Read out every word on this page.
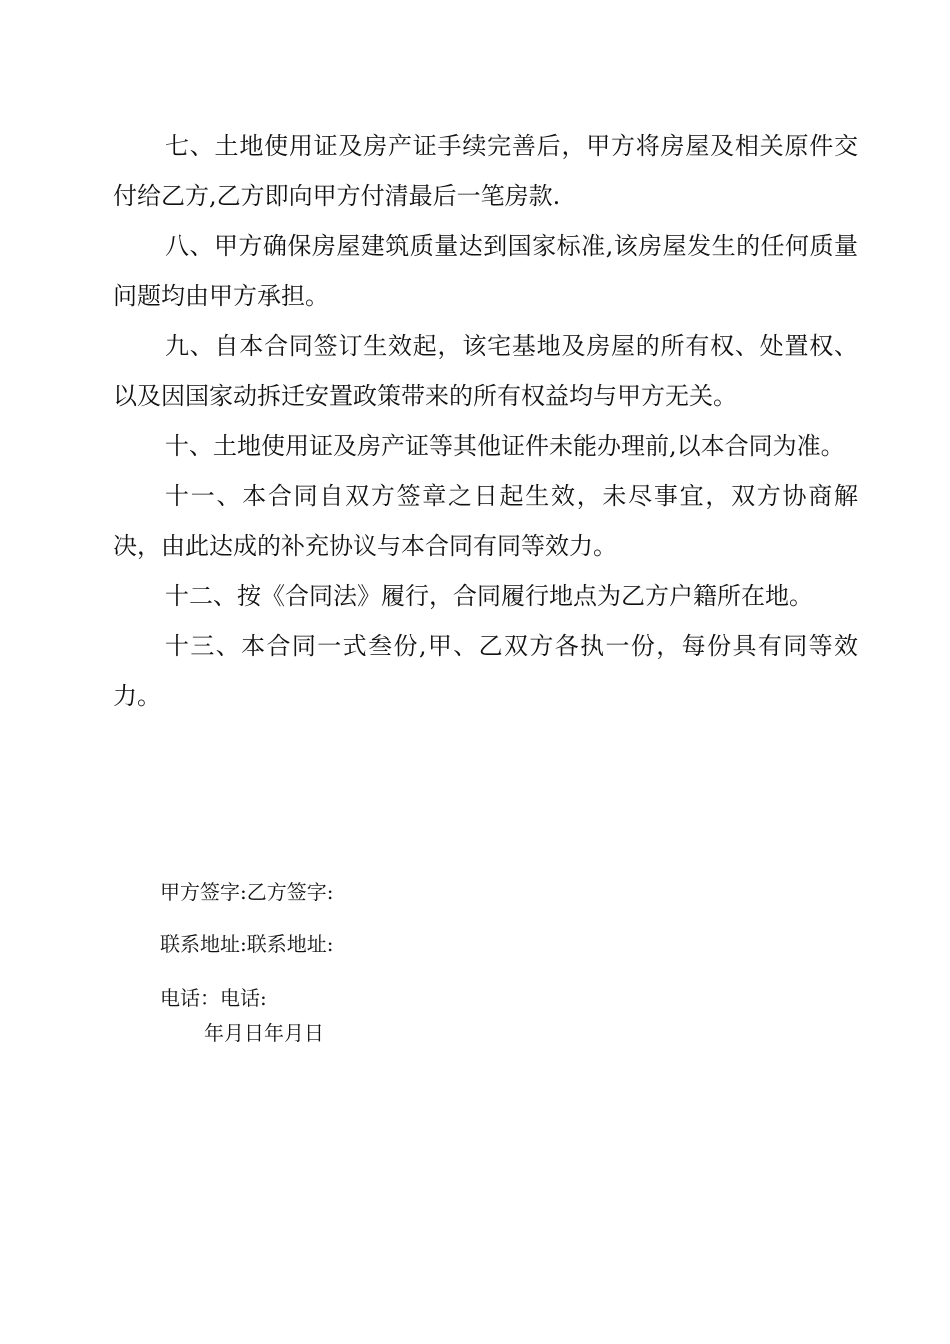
七、土地使用证及房产证手续完善后，甲方将房屋及相关原件交付给乙方,乙方即向甲方付清最后一笔房款.

八、甲方确保房屋建筑质量达到国家标准,该房屋发生的任何质量问题均由甲方承担。

九、自本合同签订生效起，该宅基地及房屋的所有权、处置权、以及因国家动拆迁安置政策带来的所有权益均与甲方无关。

十、土地使用证及房产证等其他证件未能办理前,以本合同为准。

十一、本合同自双方签章之日起生效，未尽事宜，双方协商解决，由此达成的补充协议与本合同有同等效力。

十二、按《合同法》履行，合同履行地点为乙方户籍所在地。

十三、本合同一式叁份,甲、乙双方各执一份，每份具有同等效力。

甲方签字:乙方签字:

联系地址:联系地址:

电话：电话:

年月日年月日
